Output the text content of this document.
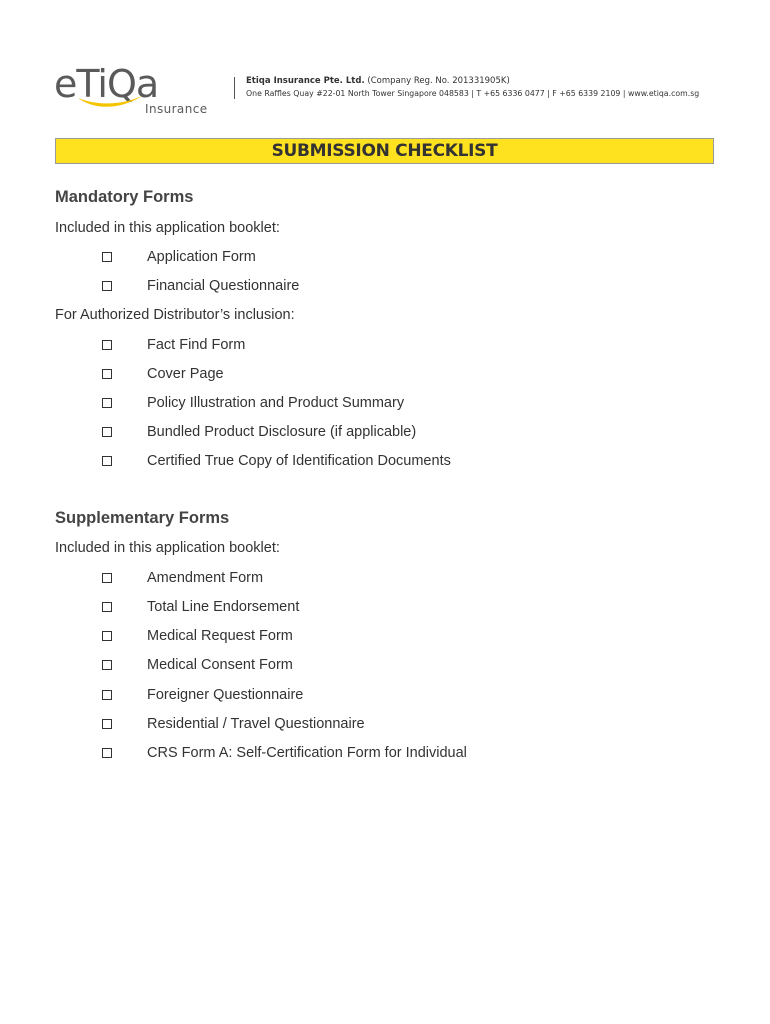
eTiQa
Insurance
Etiqa Insurance Pte. Ltd. (Company Reg. No. 201331905K)
One Raffles Quay #22-01 North Tower Singapore 048583 | T +65 6336 0477 | F +65 6339 2109 | www.etiqa.com.sg
SUBMISSION CHECKLIST
Mandatory Forms
Included in this application booklet:
Application Form
Financial Questionnaire
For Authorized Distributor’s inclusion:
Fact Find Form
Cover Page
Policy Illustration and Product Summary
Bundled Product Disclosure (if applicable)
Certified True Copy of Identification Documents
Supplementary Forms
Included in this application booklet:
Amendment Form
Total Line Endorsement
Medical Request Form
Medical Consent Form
Foreigner Questionnaire
Residential / Travel Questionnaire
CRS Form A: Self-Certification Form for Individual
